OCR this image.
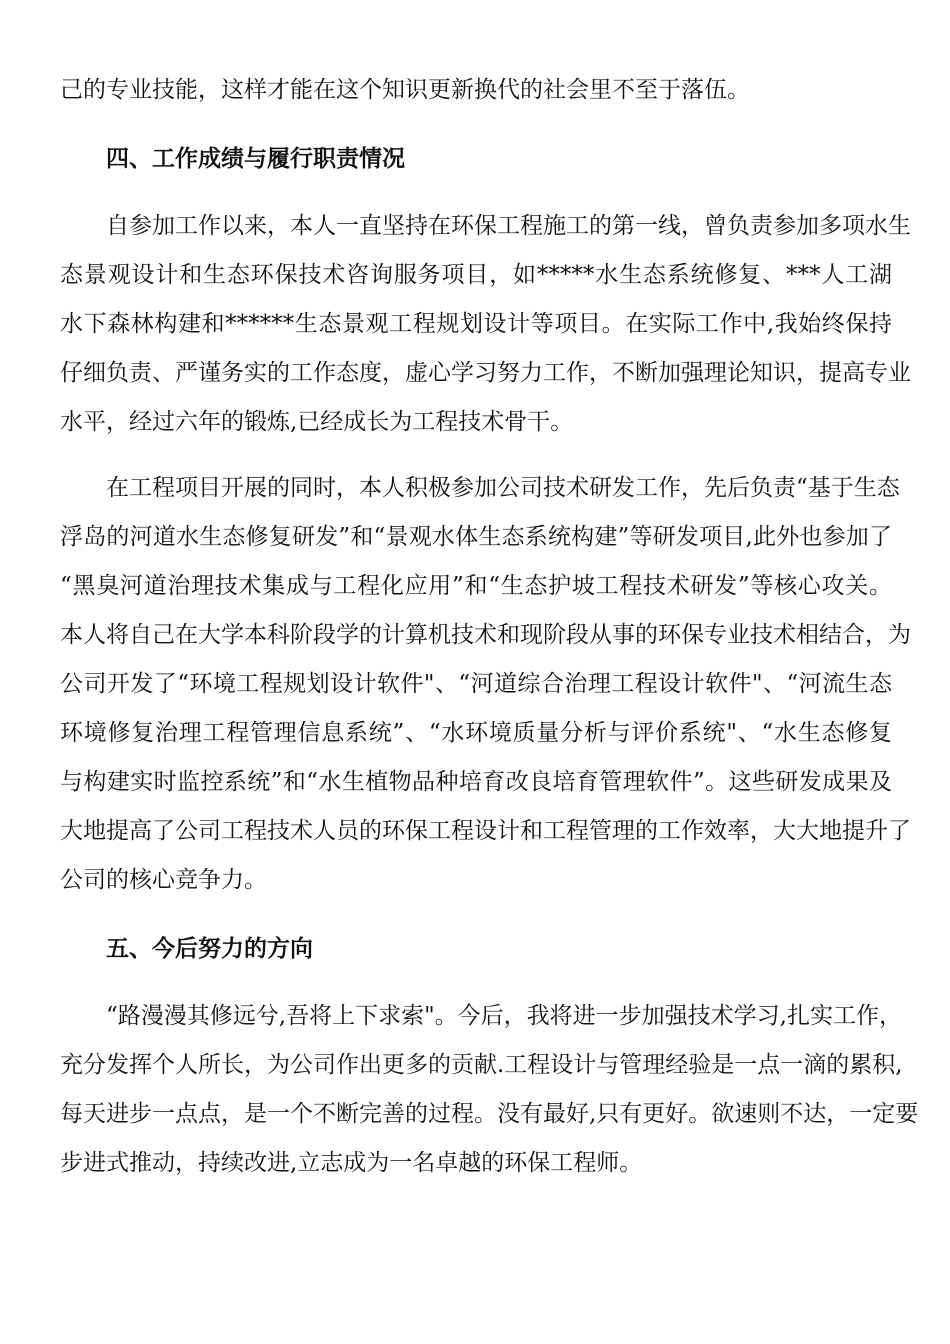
己的专业技能，这样才能在这个知识更新换代的社会里不至于落伍。
四、工作成绩与履行职责情况
自参加工作以来，本人一直坚持在环保工程施工的第一线，曾负责参加多项水生
态景观设计和生态环保技术咨询服务项目，如*****水生态系统修复、***人工湖
水下森林构建和******生态景观工程规划设计等项目。在实际工作中,我始终保持
仔细负责、严谨务实的工作态度，虚心学习努力工作，不断加强理论知识，提高专业
水平，经过六年的锻炼,已经成长为工程技术骨干。
在工程项目开展的同时，本人积极参加公司技术研发工作，先后负责“基于生态
浮岛的河道水生态修复研发”和“景观水体生态系统构建”等研发项目,此外也参加了
“黑臭河道治理技术集成与工程化应用”和“生态护坡工程技术研发”等核心攻关。
本人将自己在大学本科阶段学的计算机技术和现阶段从事的环保专业技术相结合，为
公司开发了“环境工程规划设计软件"、“河道综合治理工程设计软件"、“河流生态
环境修复治理工程管理信息系统”、“水环境质量分析与评价系统"、“水生态修复
与构建实时监控系统”和“水生植物品种培育改良培育管理软件”。这些研发成果及
大地提高了公司工程技术人员的环保工程设计和工程管理的工作效率，大大地提升了
公司的核心竞争力。
五、今后努力的方向
“路漫漫其修远兮,吾将上下求索"。今后，我将进一步加强技术学习,扎实工作，
充分发挥个人所长，为公司作出更多的贡献.工程设计与管理经验是一点一滴的累积,
每天进步一点点，是一个不断完善的过程。没有最好,只有更好。欲速则不达，一定要
步进式推动，持续改进,立志成为一名卓越的环保工程师。
